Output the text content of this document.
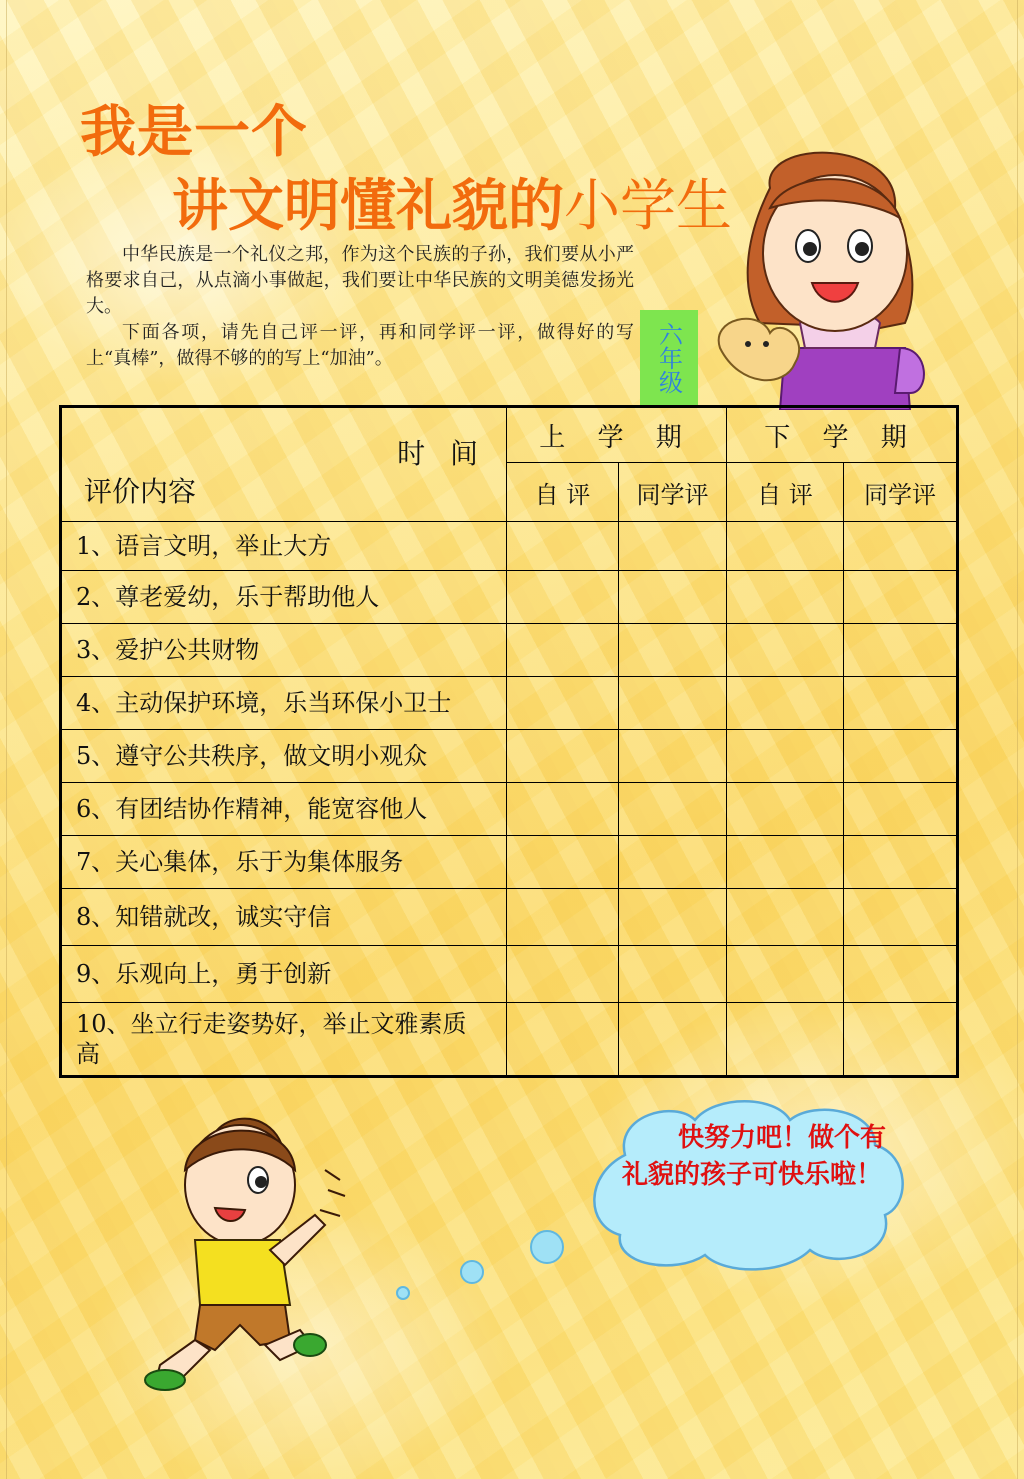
我是一个
讲文明懂礼貌的小学生

中华民族是一个礼仪之邦，作为这个民族的子孙，我们要从小严格要求自己，从点滴小事做起，我们要让中华民族的文明美德发扬光大。

下面各项，请先自己评一评，再和同学评一评，做得好的写上“真棒”，做得不够的的写上“加油”。	六年级
时 间
评价内容	上 学 期		下 学 期	
	自 评	同学评	自 评	同学评
1、语言文明，举止大方				
2、尊老爱幼，乐于帮助他人				
3、爱护公共财物				
4、主动保护环境，乐当环保小卫士				
5、遵守公共秩序，做文明小观众				
6、有团结协作精神，能宽容他人				
7、关心集体，乐于为集体服务				
8、知错就改，诚实守信				
9、乐观向上，勇于创新				
10、坐立行走姿势好，举止文雅素质高				
快努力吧！做个有礼貌的孩子可快乐啦！
